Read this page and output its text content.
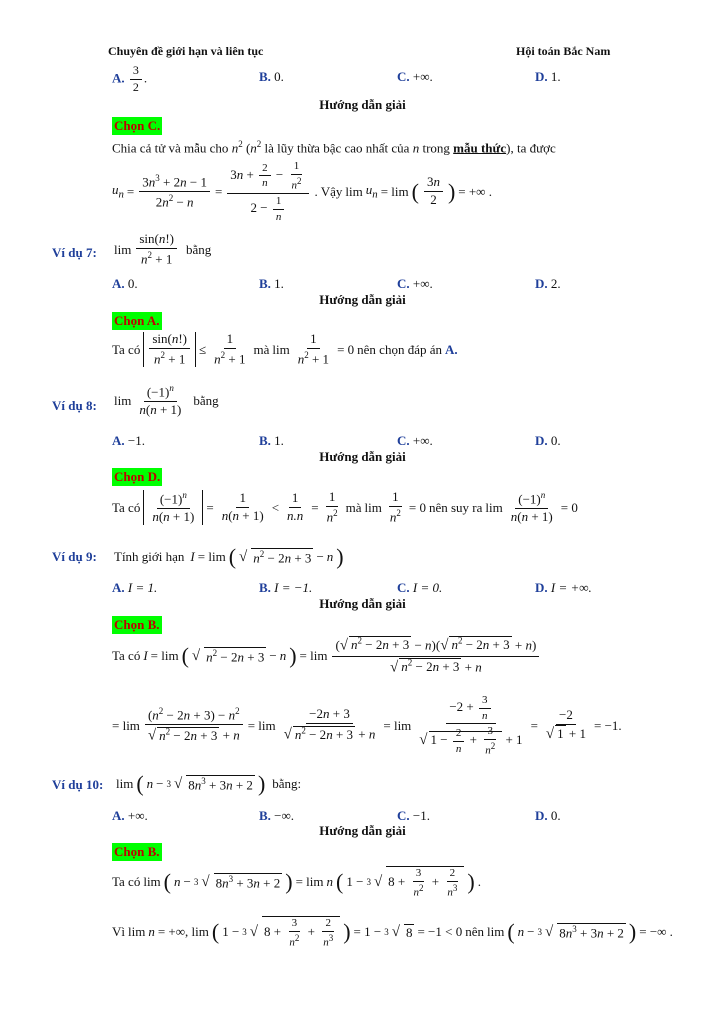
Chuyên đề giới hạn và liên tục	Hội toán Bắc Nam
A. $\frac{3}{2}$ .	B. 0.	C. +∞.	D. 1.
Hướng dẫn giải
Chọn C.
Chia cả tử và mẫu cho $n^2$ ($n^2$ là lũy thừa bậc cao nhất của n trong mẫu thức), ta được
$u_n = \frac{3n^3 + 2n - 1}{2n^2 - n} = \frac{3n + \frac{2}{n} - \frac{1}{n^2}}{2 - \frac{1}{n}}$ . Vậy $\lim u_n = \lim$ ( $\frac{3n}{2}$ ) = +∞ .
Ví dụ 7: $\lim \frac{\sin(n!)}{n^2 + 1}$ bằng
A. 0.	B. 1.	C. +∞.	D. 2.
Hướng dẫn giải
Chọn A.
Ta có $\frac{\sin(n!)}{n^2 + 1} \le \frac{1}{n^2 + 1}$ mà $\lim \frac{1}{n^2 + 1} = 0$ nên chọn đáp án A.
Ví dụ 8: $\lim \frac{(-1)^n}{n(n + 1)}$ bằng
A. −1.	B. 1.	C. +∞.	D. 0.
Hướng dẫn giải
Chọn D.
Ta có $\frac{(-1)^n}{n(n + 1)} = \frac{1}{n(n + 1)} < \frac{1}{n.n} = \frac{1}{n^2}$ mà $\lim \frac{1}{n^2} = 0$ nên suy ra $\lim \frac{(-1)^n}{n(n + 1)} = 0$
Ví dụ 9: Tính giới hạn I = lim ( √ $n^2 - 2n + 3 - n$ )
A. I = 1.	B. I = −1.	C. I = 0.	D. I = +∞.
Hướng dẫn giải
Chọn B.
Ta có I = lim ( √ $n^2 - 2n + 3 - n$ ) = $\lim \frac{(√ n^2 - 2n + 3 - n)(√ n^2 - 2n + 3 + n)}{√ n^2 - 2n + 3 + n}$
= $\lim \frac{(n^2 - 2n + 3) - n^2}{√ n^2 - 2n + 3 + n} = \lim \frac{-2n + 3}{√ n^2 - 2n + 3 + n} = \lim \frac{-2 + \frac{3}{n}}{√ 1 - \frac{2}{n} + \frac{3}{n^2} + 1} = \frac{-2}{√ 1 + 1} = -1$.
Ví dụ 10: lim ( n − 3 √ $8n^3 + 3n + 2$ ) bằng:
A. +∞.	B. −∞.	C. −1.	D. 0.
Hướng dẫn giải
Chọn B.
Ta có lim ( n − 3 √ $8n^3 + 3n + 2$ ) = lim n ( 1 − 3 √ $8 + \frac{3}{n^2} + \frac{2}{n^3}$ ) .
Vì lim n = +∞, lim ( 1 − 3 √ $8 + \frac{3}{n^2} + \frac{2}{n^3}$ ) = 1 − 3 √ 8 = −1 < 0 nên lim ( n − 3 √ $8n^3 + 3n + 2$ ) = −∞ .
